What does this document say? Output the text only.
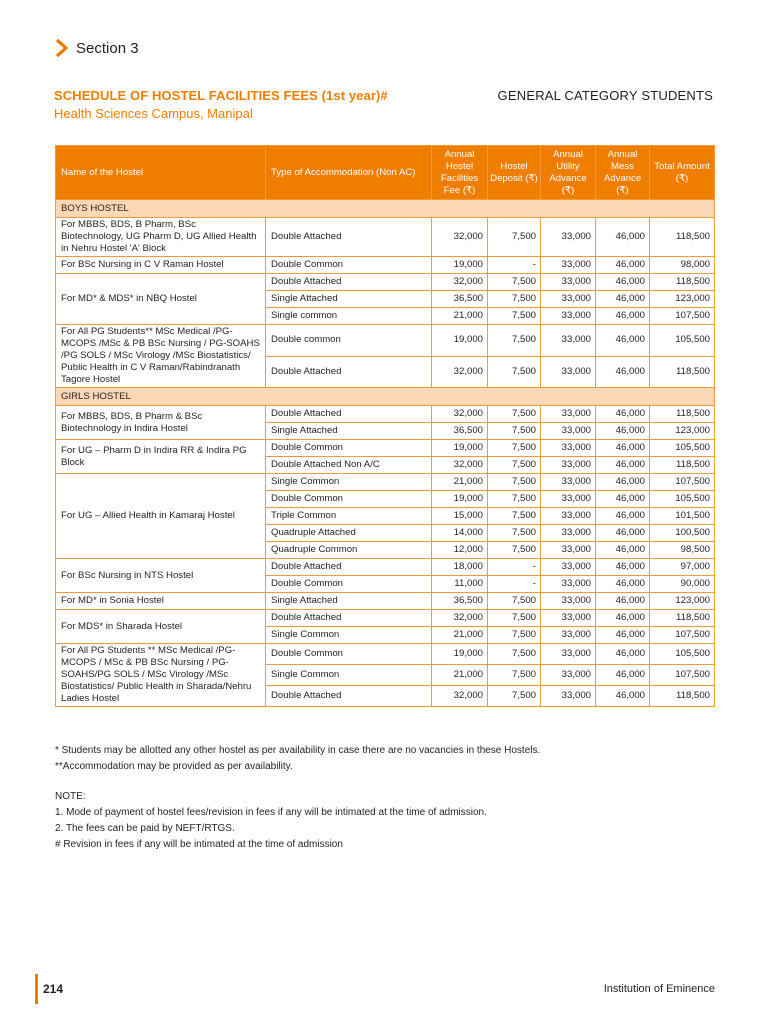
Section 3
SCHEDULE OF HOSTEL FACILITIES FEES (1st year)#
Health Sciences Campus, Manipal
GENERAL CATEGORY STUDENTS
Name of the Hostel	Type of Accommodation (Non AC)	Annual Hostel Facilities Fee (₹)	Hostel Deposit (₹)	Annual Utility Advance (₹)	Annual Mess Advance (₹)	Total Amount (₹)
BOYS HOSTEL						
For MBBS, BDS, B Pharm, BSc Biotechnology, UG Pharm D, UG Allied Health in Nehru Hostel 'A' Block	Double Attached	32,000	7,500	33,000	46,000	118,500
For BSc Nursing in C V Raman Hostel	Double Common	19,000	-	33,000	46,000	98,000
For MD* & MDS* in NBQ Hostel	Double Attached	32,000	7,500	33,000	46,000	118,500
	Single Attached	36,500	7,500	33,000	46,000	123,000
	Single common	21,000	7,500	33,000	46,000	107,500
For All PG Students** MSc Medical /PG-MCOPS /MSc & PB BSc Nursing / PG-SOAHS /PG SOLS / MSc Virology /MSc Biostatistics/ Public Health in C V Raman/Rabindranath Tagore Hostel	Double common	19,000	7,500	33,000	46,000	105,500
	Double Attached	32,000	7,500	33,000	46,000	118,500
GIRLS HOSTEL						
For MBBS, BDS, B Pharm & BSc Biotechnology in Indira Hostel	Double Attached	32,000	7,500	33,000	46,000	118,500
	Single Attached	36,500	7,500	33,000	46,000	123,000
For UG – Pharm D in Indira RR & Indira PG Block	Double Common	19,000	7,500	33,000	46,000	105,500
	Double Attached Non A/C	32,000	7,500	33,000	46,000	118,500
For UG – Allied Health in Kamaraj Hostel	Single Common	21,000	7,500	33,000	46,000	107,500
	Double Common	19,000	7,500	33,000	46,000	105,500
	Triple Common	15,000	7,500	33,000	46,000	101,500
	Quadruple Attached	14,000	7,500	33,000	46,000	100,500
	Quadruple Common	12,000	7,500	33,000	46,000	98,500
For BSc Nursing in NTS Hostel	Double Attached	18,000	-	33,000	46,000	97,000
	Double Common	11,000	-	33,000	46,000	90,000
For MD* in Sonia Hostel	Single Attached	36,500	7,500	33,000	46,000	123,000
For MDS* in Sharada Hostel	Double Attached	32,000	7,500	33,000	46,000	118,500
	Single Common	21,000	7,500	33,000	46,000	107,500
For All PG Students ** MSc Medical /PG-MCOPS / MSc & PB BSc Nursing / PG-SOAHS/PG SOLS / MSc Virology /MSc Biostatistics/ Public Health in Sharada/Nehru Ladies Hostel	Double Common	19,000	7,500	33,000	46,000	105,500
	Single Common	21,000	7,500	33,000	46,000	107,500
	Double Attached	32,000	7,500	33,000	46,000	118,500
* Students may be allotted any other hostel as per availability in case there are no vacancies in these Hostels.
**Accommodation may be provided as per availability.
NOTE:
1. Mode of payment of hostel fees/revision in fees if any will be intimated at the time of admission.
2. The fees can be paid by NEFT/RTGS.
# Revision in fees if any will be intimated at the time of admission
214	Institution of Eminence
